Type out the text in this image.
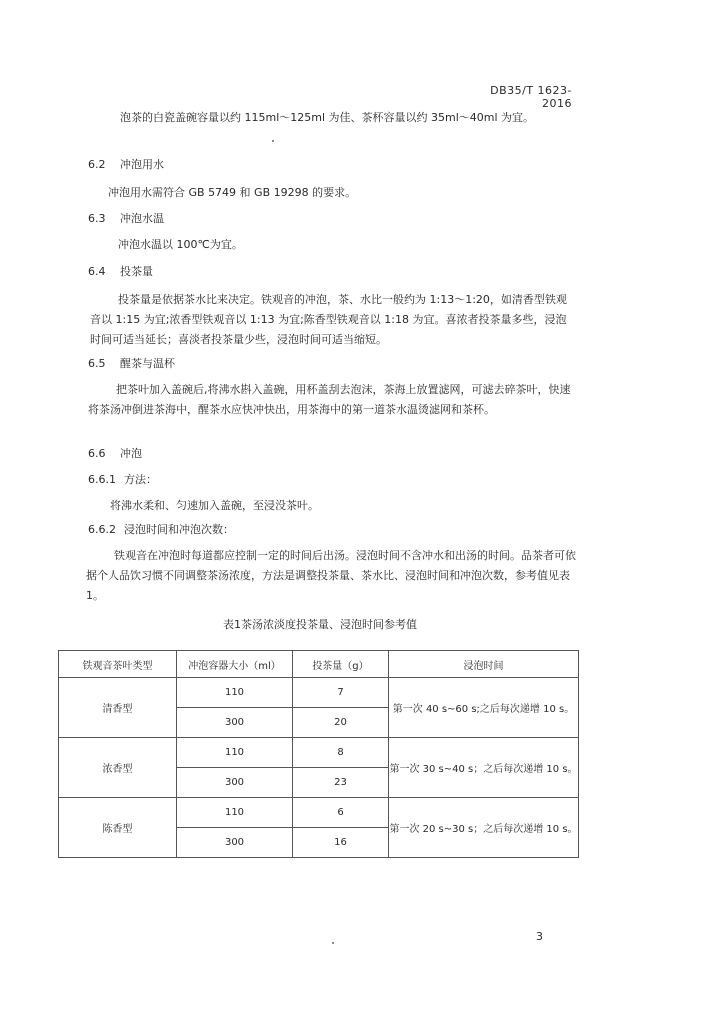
DB35/T 1623-2016
泡茶的白瓷盖碗容量以约 115ml～125ml 为佳、茶杯容量以约 35ml～40ml 为宜。
6.2 冲泡用水
冲泡用水需符合 GB 5749 和 GB 19298 的要求。
6.3 冲泡水温
冲泡水温以 100℃为宜。
6.4 投茶量
投茶量是依据茶水比来决定。铁观音的冲泡，茶、水比一般约为 1:13～1:20，如清香型铁观音以 1:15 为宜;浓香型铁观音以 1:13 为宜;陈香型铁观音以 1:18 为宜。喜浓者投茶量多些，浸泡时间可适当延长；喜淡者投茶量少些，浸泡时间可适当缩短。
6.5 醒茶与温杯
把茶叶加入盖碗后,将沸水斟入盖碗，用杯盖刮去泡沫，茶海上放置滤网，可滤去碎茶叶，快速将茶汤冲倒进茶海中，醒茶水应快冲快出，用茶海中的第一道茶水温烫滤网和茶杯。
6.6 冲泡
6.6.1 方法：
将沸水柔和、匀速加入盖碗，至浸没茶叶。
6.6.2 浸泡时间和冲泡次数：
铁观音在冲泡时每道都应控制一定的时间后出汤。浸泡时间不含冲水和出汤的时间。品茶者可依据个人品饮习惯不同调整茶汤浓度，方法是调整投茶量、茶水比、浸泡时间和冲泡次数，参考值见表 1。
表1茶汤浓淡度投茶量、浸泡时间参考值
铁观音茶叶类型	冲泡容器大小（ml）	投茶量（g）	浸泡时间
清香型	110	7	第一次 40 s~60 s;之后每次递增 10 s。
	300	20	
浓香型	110	8	第一次 30 s~40 s；之后每次递增 10 s。
	300	23	
陈香型	110	6	第一次 20 s~30 s；之后每次递增 10 s。
	300	16	
3
